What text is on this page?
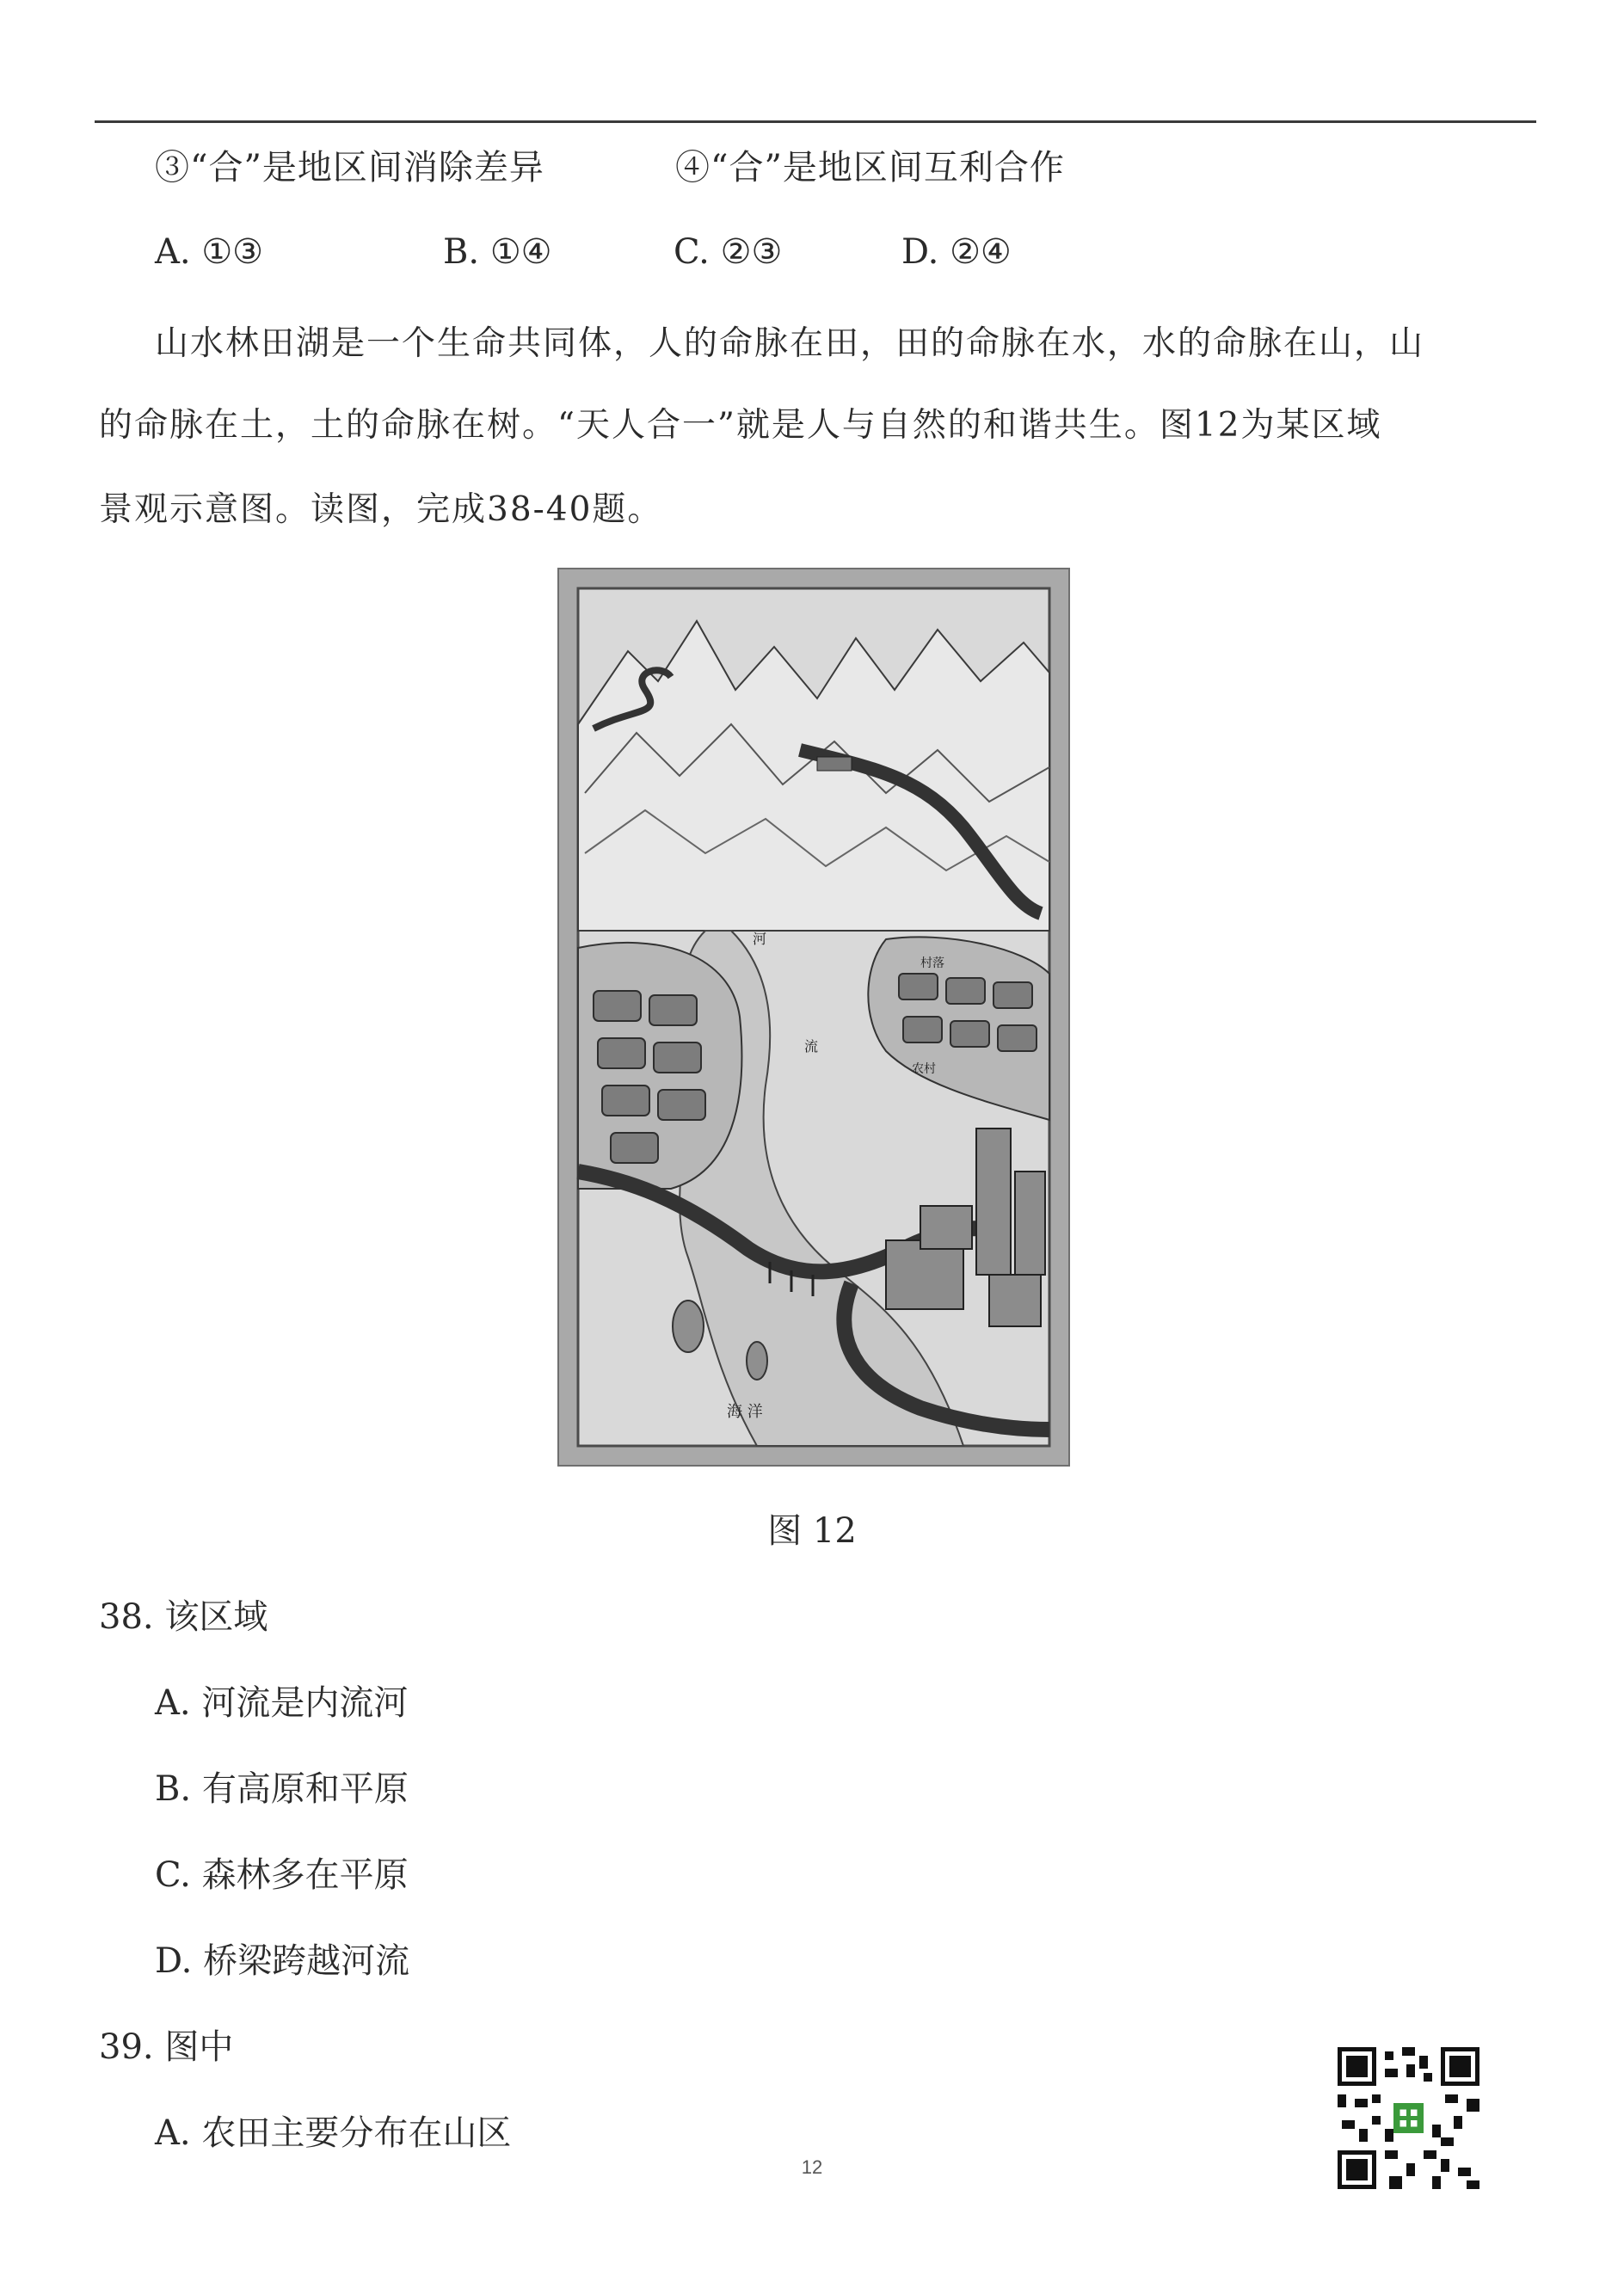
③“合”是地区间消除差异	④“合”是地区间互利合作
A. ①③	B. ①④	C. ②③	D. ②④
山水林田湖是一个生命共同体，人的命脉在田，田的命脉在水，水的命脉在山，山
的命脉在土，土的命脉在树。“天人合一”就是人与自然的和谐共生。图12为某区域
景观示意图。读图，完成38-40题。
河
流
村落
农村
海 洋
图 12
38. 该区域
A. 河流是内流河
B. 有高原和平原
C. 森林多在平原
D. 桥梁跨越河流
39. 图中
A. 农田主要分布在山区
12
